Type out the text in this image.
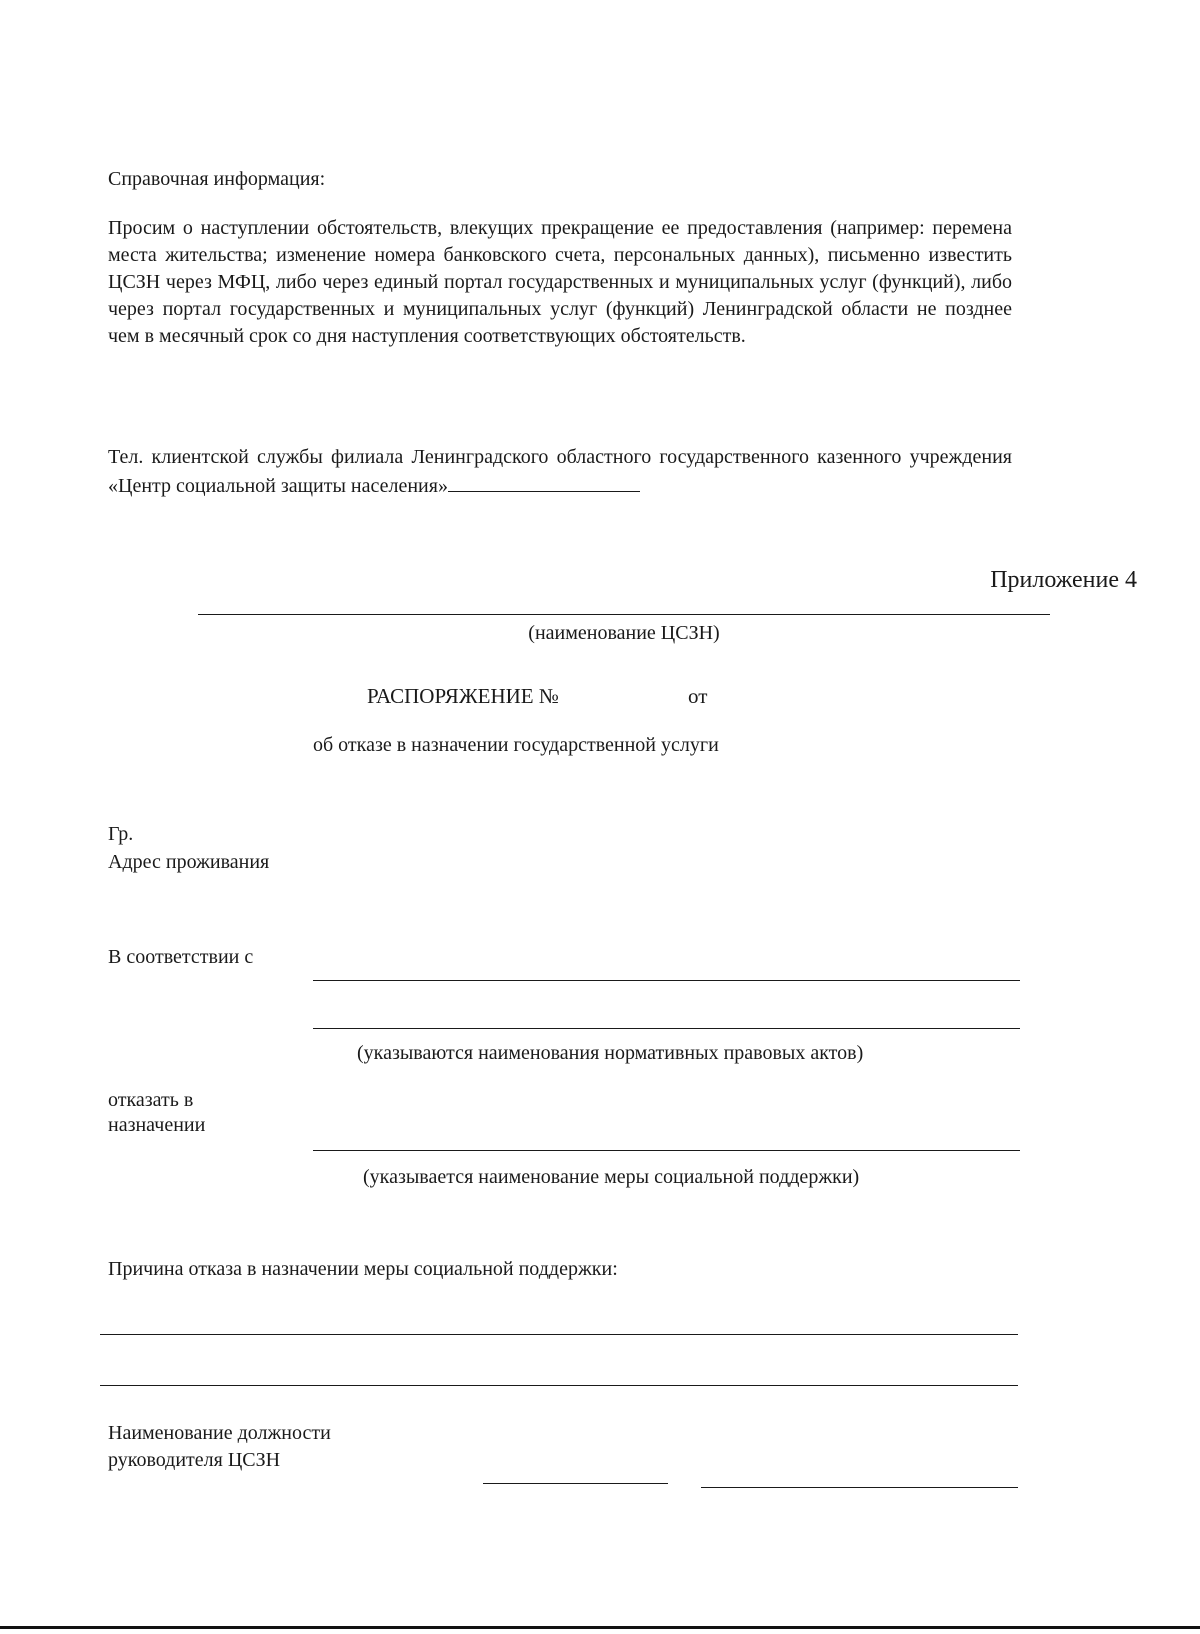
Справочная информация:
Просим о наступлении обстоятельств, влекущих прекращение ее предоставления (например: перемена места жительства; изменение номера банковского счета, персональных данных), письменно известить ЦСЗН через МФЦ, либо через единый портал государственных и муниципальных услуг (функций), либо через портал государственных и муниципальных услуг (функций) Ленинградской области не позднее чем в месячный срок со дня наступления соответствующих обстоятельств.
Тел. клиентской службы филиала Ленинградского областного государственного казенного учреждения «Центр социальной защиты населения»
Приложение 4
(наименование ЦСЗН)
РАСПОРЯЖЕНИЕ №	от
об отказе в назначении государственной услуги
Гр.
Адрес проживания
В соответствии с
(указываются наименования нормативных правовых актов)
отказать в
назначении
(указывается наименование меры социальной поддержки)
Причина отказа в назначении меры социальной поддержки:
Наименование должности
руководителя ЦСЗН
